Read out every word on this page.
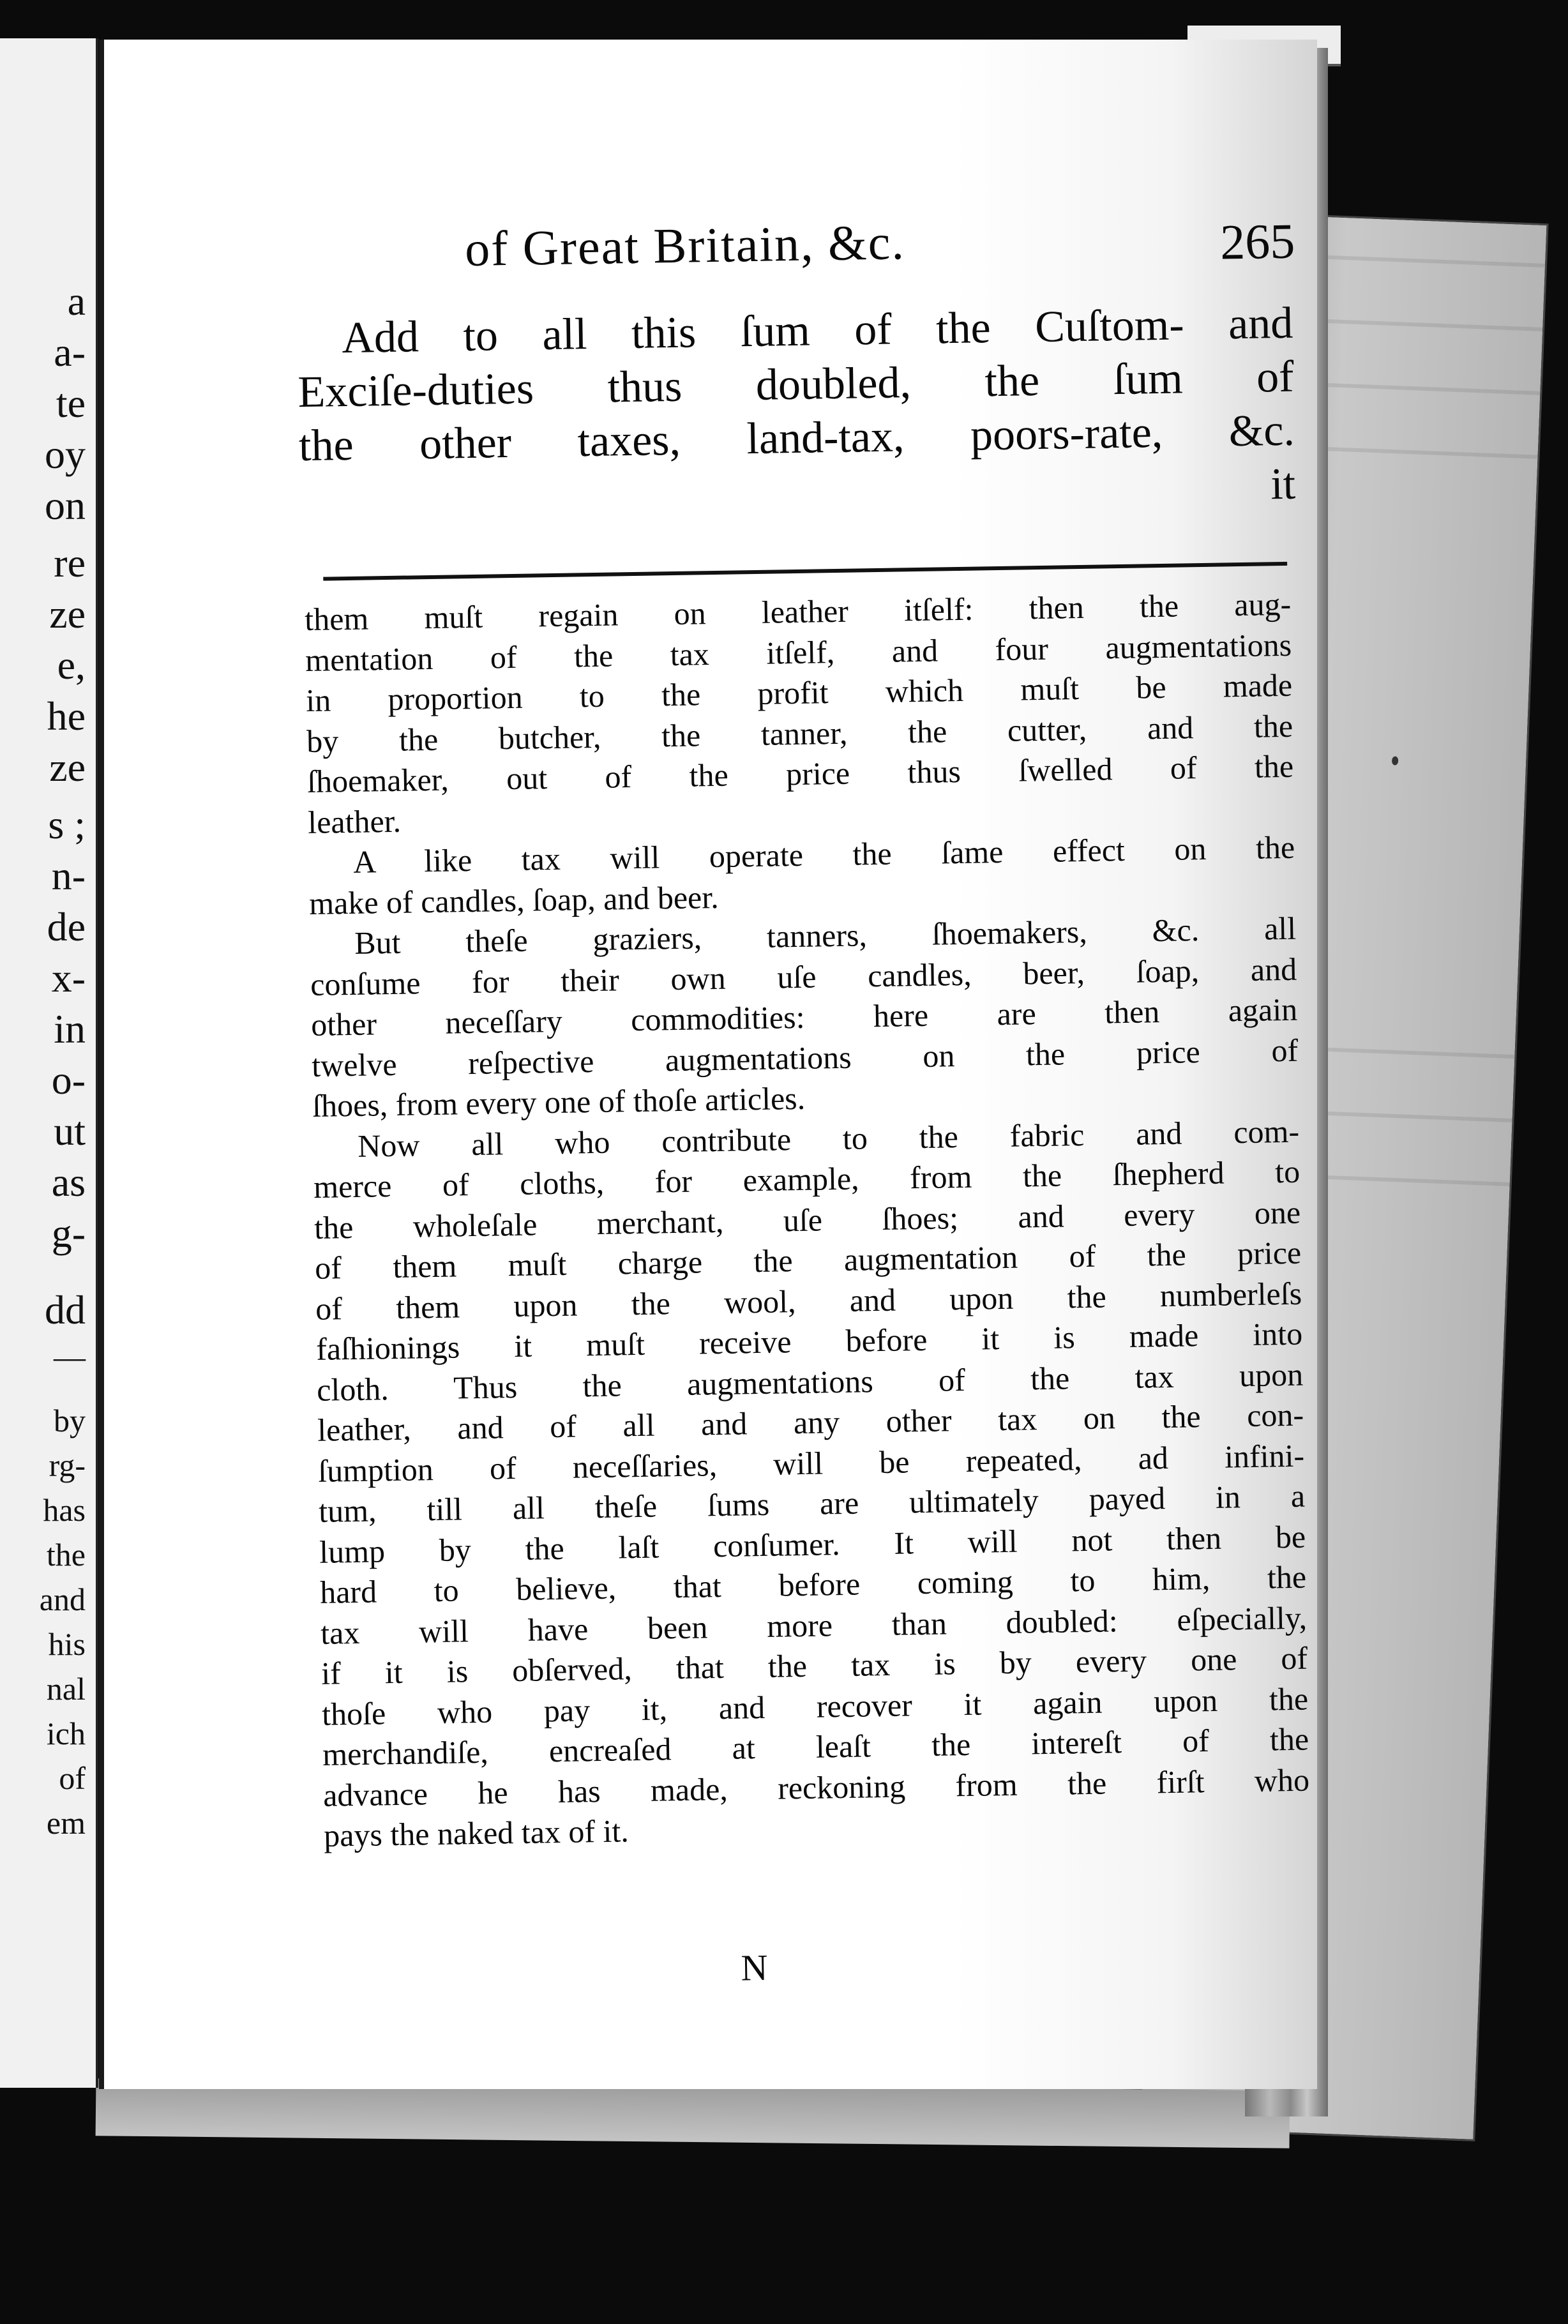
a

a-

te

oy

on

re

ze

e,

he

ze

s ;

n-

de

x-

in

o-

ut

as

g-

dd

—

by

rg-

has

the

and

his

nal

ich

of

em

of Great Britain, &c.	265
Add to all this ſum of the Cuſtom- and
Exciſe-duties thus doubled, the ſum of
the other taxes, land-tax, poors-rate, &c.
it

them muſt regain on leather itſelf: then the aug-
mentation of the tax itſelf, and four augmentations
in proportion to the profit which muſt be made
by the butcher, the tanner, the cutter, and the
ſhoemaker, out of the price thus ſwelled of the
leather.

A like tax will operate the ſame effect on the
make of candles, ſoap, and beer.

But theſe graziers, tanners, ſhoemakers, &c. all
conſume for their own uſe candles, beer, ſoap, and
other neceſſary commodities: here are then again
twelve reſpective augmentations on the price of
ſhoes, from every one of thoſe articles.

Now all who contribute to the fabric and com-
merce of cloths, for example, from the ſhepherd to
the wholeſale merchant, uſe ſhoes; and every one
of them muſt charge the augmentation of the price
of them upon the wool, and upon the numberleſs
faſhionings it muſt receive before it is made into
cloth. Thus the augmentations of the tax upon
leather, and of all and any other tax on the con-
ſumption of neceſſaries, will be repeated, ad infini-
tum, till all theſe ſums are ultimately payed in a
lump by the laſt conſumer. It will not then be
hard to believe, that before coming to him, the
tax will have been more than doubled: eſpecially,
if it is obſerved, that the tax is by every one of
thoſe who pay it, and recover it again upon the
merchandiſe, encreaſed at leaſt the intereſt of the
advance he has made, reckoning from the firſt who
pays the naked tax of it.

N
